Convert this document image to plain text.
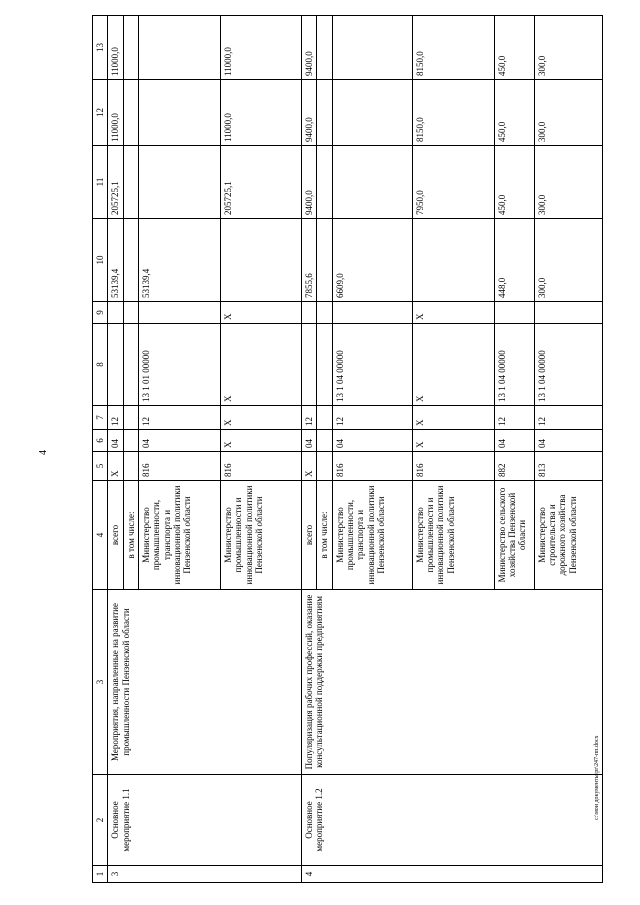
4
c:\мои документы\pr\247-пп.docx
1	2	3	4	5	6	7	8	9	10	11	12	13
3	Основное мероприятие 1.1	Мероприятия, направленные на развитие промышленности Пензенской области	всего	X	04	12			53139,4	205725,1	11000,0	11000,0
			в том числе:									
			Министерство промышленности, транспорта и инновационной политики Пензенской области	816	04	12	13 1 01 00000		53139,4			
			Министерство промышленности и инновационной политики Пензенской области	816	X	X	X	X		205725,1	11000,0	11000,0
4	Основное мероприятие 1.2	Популяризация рабочих профессий, оказание консультационной поддержки предприятиям	всего	X	04	12			7855,6	9400,0	9400,0	9400,0
			в том числе:									
			Министерство промышленности, транспорта и инновационной политики Пензенской области	816	04	12	13 1 04 00000		6609,0			
			Министерство промышленности и инновационной политики Пензенской области	816	X	X	X	X		7950,0	8150,0	8150,0
			Министерство сельского хозяйства Пензенской области	882	04	12	13 1 04 00000		448,0	450,0	450,0	450,0
			Министерство строительства и дорожного хозяйства Пензенской области	813	04	12	13 1 04 00000		300,0	300,0	300,0	300,0
